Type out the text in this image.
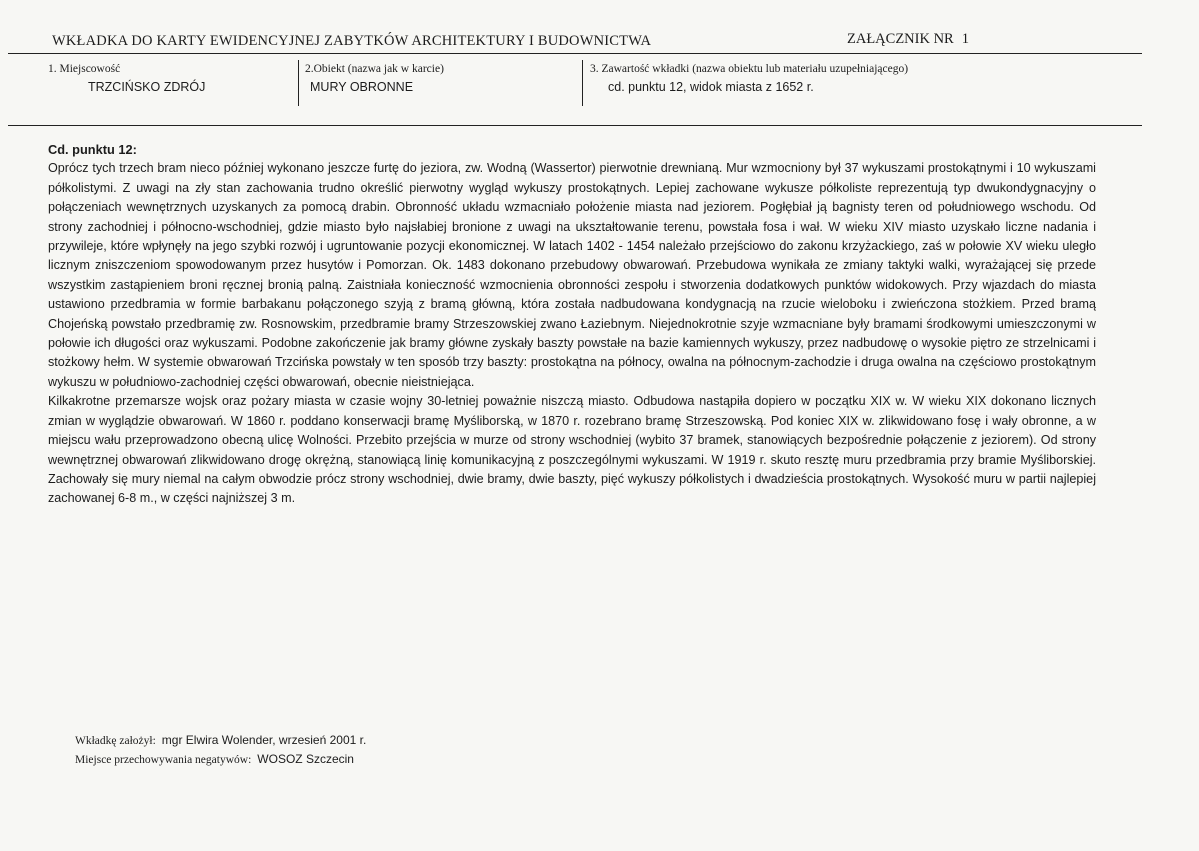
WKŁADKA DO KARTY EWIDENCYJNEJ ZABYTKÓW ARCHITEKTURY I BUDOWNICTWA	ZAŁĄCZNIK NR 1
1. Miejscowość
TRZCIŃSKO ZDRÓJ
2.Obiekt (nazwa jak w karcie)
MURY OBRONNE
3. Zawartość wkładki (nazwa obiektu lub materiału uzupełniającego)
cd. punktu 12, widok miasta z 1652 r.
Cd. punktu 12:

Oprócz tych trzech bram nieco później wykonano jeszcze furtę do jeziora, zw. Wodną (Wassertor) pierwotnie drewnianą. Mur wzmocniony był 37 wykuszami prostokątnymi i 10 wykuszami półkolistymi. Z uwagi na zły stan zachowania trudno określić pierwotny wygląd wykuszy prostokątnych. Lepiej zachowane wykusze półkoliste reprezentują typ dwukondygnacyjny o połączeniach wewnętrznych uzyskanych za pomocą drabin. Obronność układu wzmacniało położenie miasta nad jeziorem. Pogłębiał ją bagnisty teren od południowego wschodu. Od strony zachodniej i północno-wschodniej, gdzie miasto było najsłabiej bronione z uwagi na ukształtowanie terenu, powstała fosa i wał. W wieku XIV miasto uzyskało liczne nadania i przywileje, które wpłynęły na jego szybki rozwój i ugruntowanie pozycji ekonomicznej. W latach 1402 - 1454 należało przejściowo do zakonu krzyżackiego, zaś w połowie XV wieku uległo licznym zniszczeniom spowodowanym przez husytów i Pomorzan. Ok. 1483 dokonano przebudowy obwarowań. Przebudowa wynikała ze zmiany taktyki walki, wyrażającej się przede wszystkim zastąpieniem broni ręcznej bronią palną. Zaistniała konieczność wzmocnienia obronności zespołu i stworzenia dodatkowych punktów widokowych. Przy wjazdach do miasta ustawiono przedbramia w formie barbakanu połączonego szyją z bramą główną, która została nadbudowana kondygnacją na rzucie wieloboku i zwieńczona stożkiem. Przed bramą Chojeńską powstało przedbramię zw. Rosnowskim, przedbramie bramy Strzeszowskiej zwano Łaziebnym. Niejednokrotnie szyje wzmacniane były bramami środkowymi umieszczonymi w połowie ich długości oraz wykuszami. Podobne zakończenie jak bramy główne zyskały baszty powstałe na bazie kamiennych wykuszy, przez nadbudowę o wysokie piętro ze strzelnicami i stożkowy hełm. W systemie obwarowań Trzcińska powstały w ten sposób trzy baszty: prostokątna na północy, owalna na północnym-zachodzie i druga owalna na częściowo prostokątnym wykuszu w południowo-zachodniej części obwarowań, obecnie nieistniejąca.

Kilkakrotne przemarsze wojsk oraz pożary miasta w czasie wojny 30-letniej poważnie niszczą miasto. Odbudowa nastąpiła dopiero w początku XIX w. W wieku XIX dokonano licznych zmian w wyglądzie obwarowań. W 1860 r. poddano konserwacji bramę Myśliborską, w 1870 r. rozebrano bramę Strzeszowską. Pod koniec XIX w. zlikwidowano fosę i wały obronne, a w miejscu wału przeprowadzono obecną ulicę Wolności. Przebito przejścia w murze od strony wschodniej (wybito 37 bramek, stanowiących bezpośrednie połączenie z jeziorem). Od strony wewnętrznej obwarowań zlikwidowano drogę okrężną, stanowiącą linię komunikacyjną z poszczególnymi wykuszami. W 1919 r. skuto resztę muru przedbramia przy bramie Myśliborskiej. Zachowały się mury niemal na całym obwodzie prócz strony wschodniej, dwie bramy, dwie baszty, pięć wykuszy półkolistych i dwadzieścia prostokątnych. Wysokość muru w partii najlepiej zachowanej 6-8 m., w części najniższej 3 m.

Wkładkę założył: mgr Elwira Wolender, wrzesień 2001 r.
Miejsce przechowywania negatywów: WOSOZ Szczecin
